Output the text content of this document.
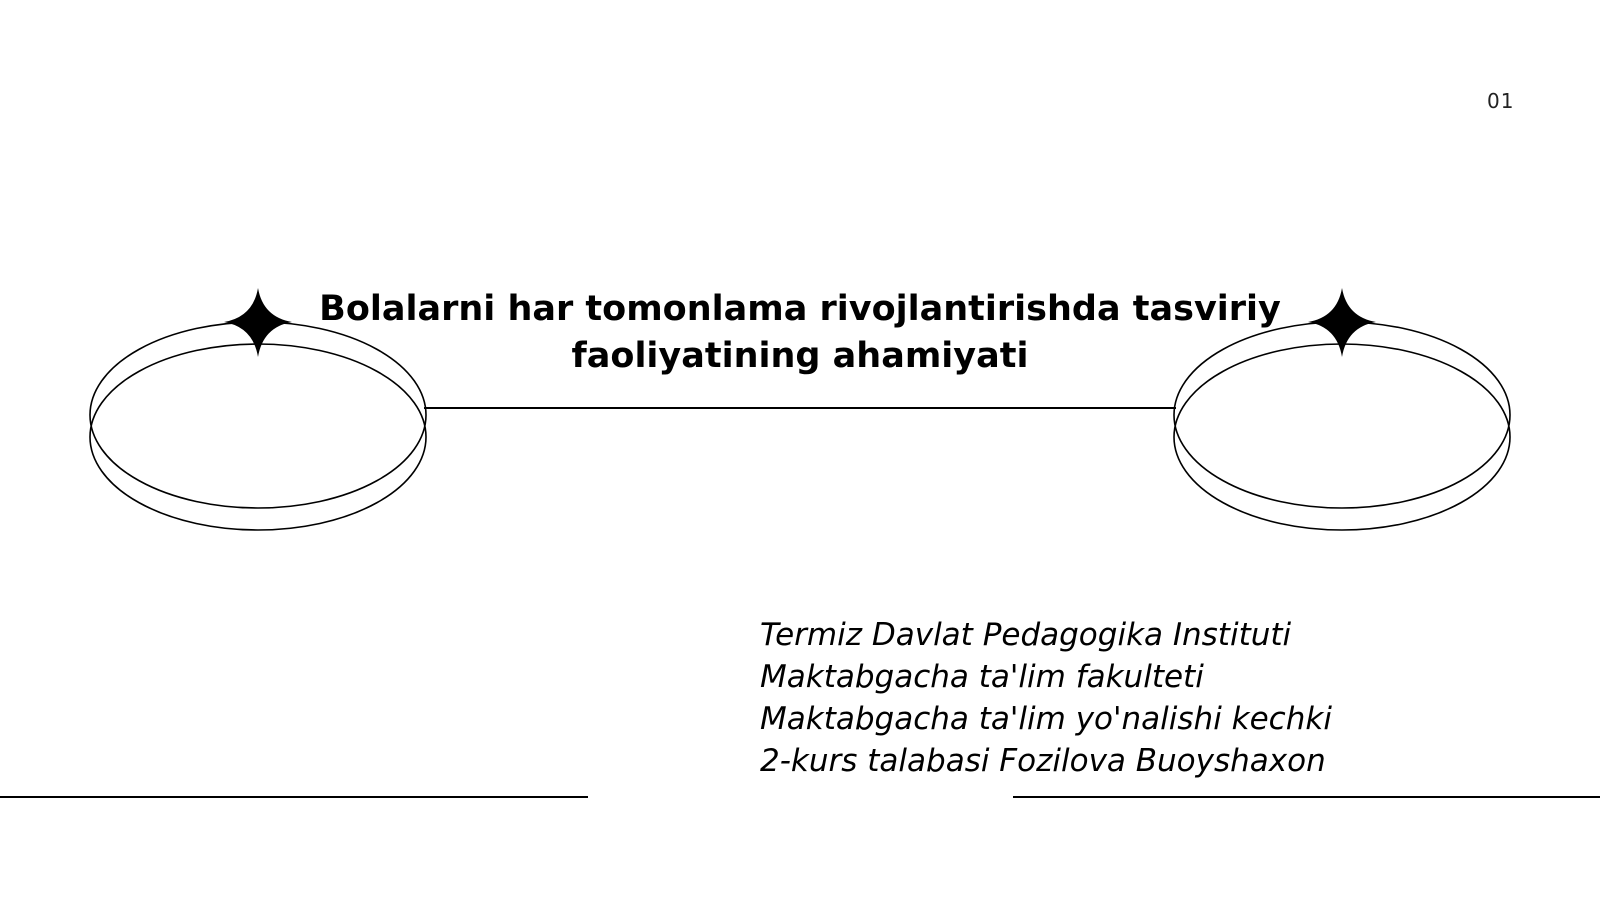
01
Bolalarni har tomonlama rivojlantirishda tasviriy
faoliyatining ahamiyati
Termiz Davlat Pedagogika Instituti
Maktabgacha ta'lim fakulteti
Maktabgacha ta'lim yo'nalishi kechki
2-kurs talabasi Fozilova Buoyshaxon
